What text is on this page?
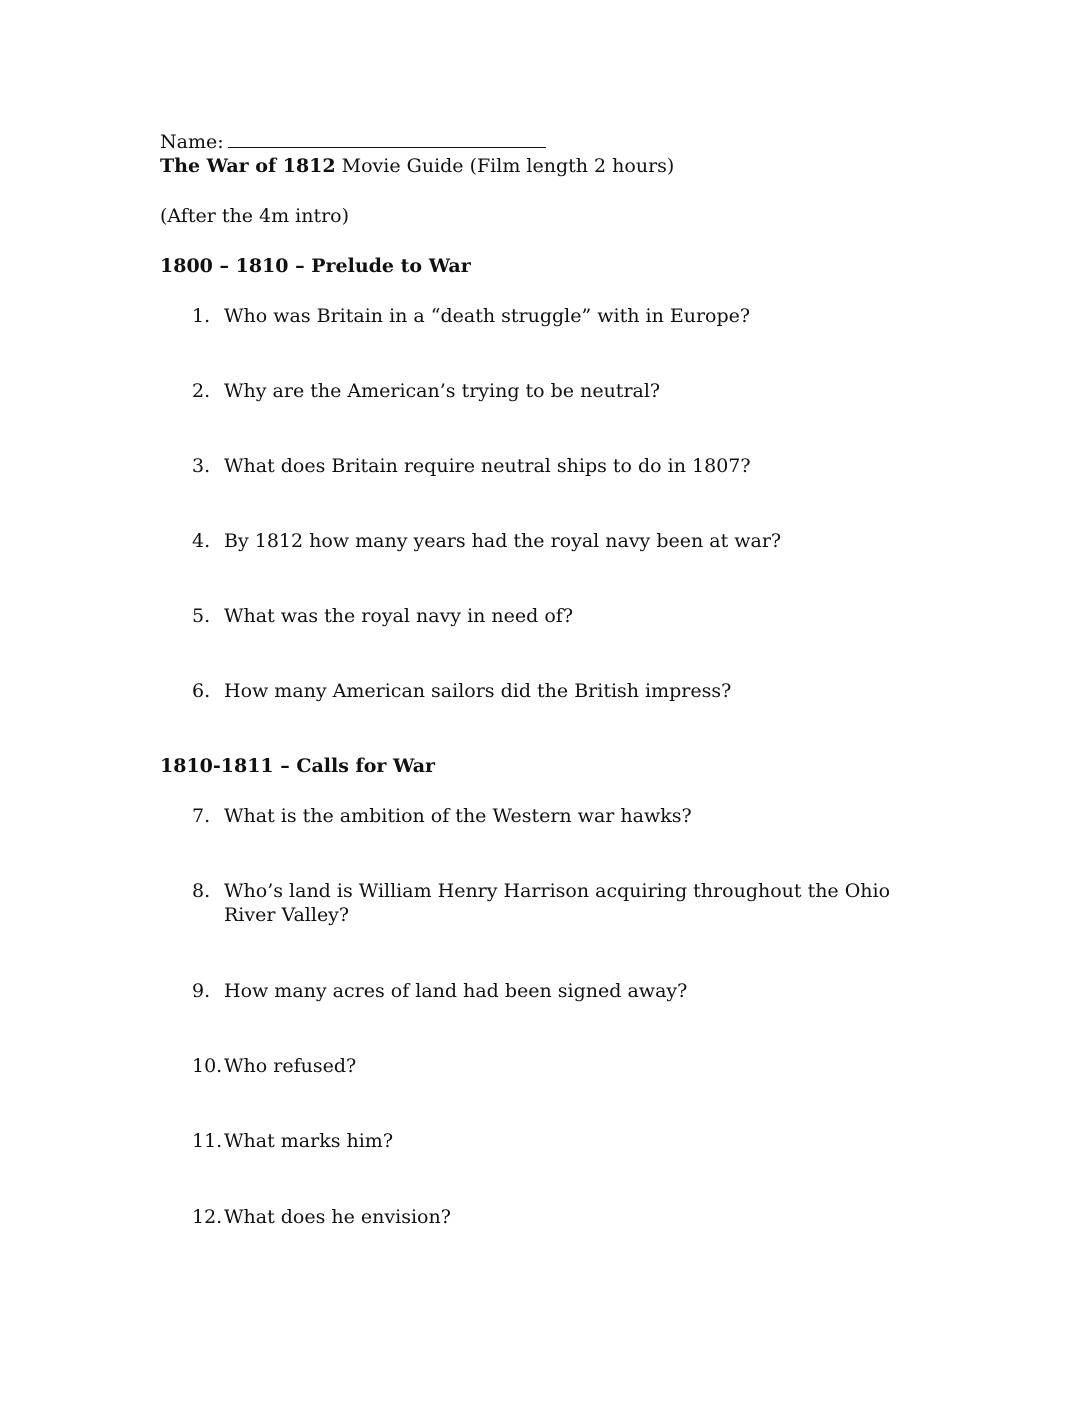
Name:
The War of 1812 Movie Guide (Film length 2 hours)
(After the 4m intro)
1800 – 1810 – Prelude to War
1. Who was Britain in a “death struggle” with in Europe?
2. Why are the American’s trying to be neutral?
3. What does Britain require neutral ships to do in 1807?
4. By 1812 how many years had the royal navy been at war?
5. What was the royal navy in need of?
6. How many American sailors did the British impress?
1810-1811 – Calls for War
7. What is the ambition of the Western war hawks?
8. Who’s land is William Henry Harrison acquiring throughout the Ohio River Valley?
9. How many acres of land had been signed away?
10. Who refused?
11. What marks him?
12. What does he envision?
